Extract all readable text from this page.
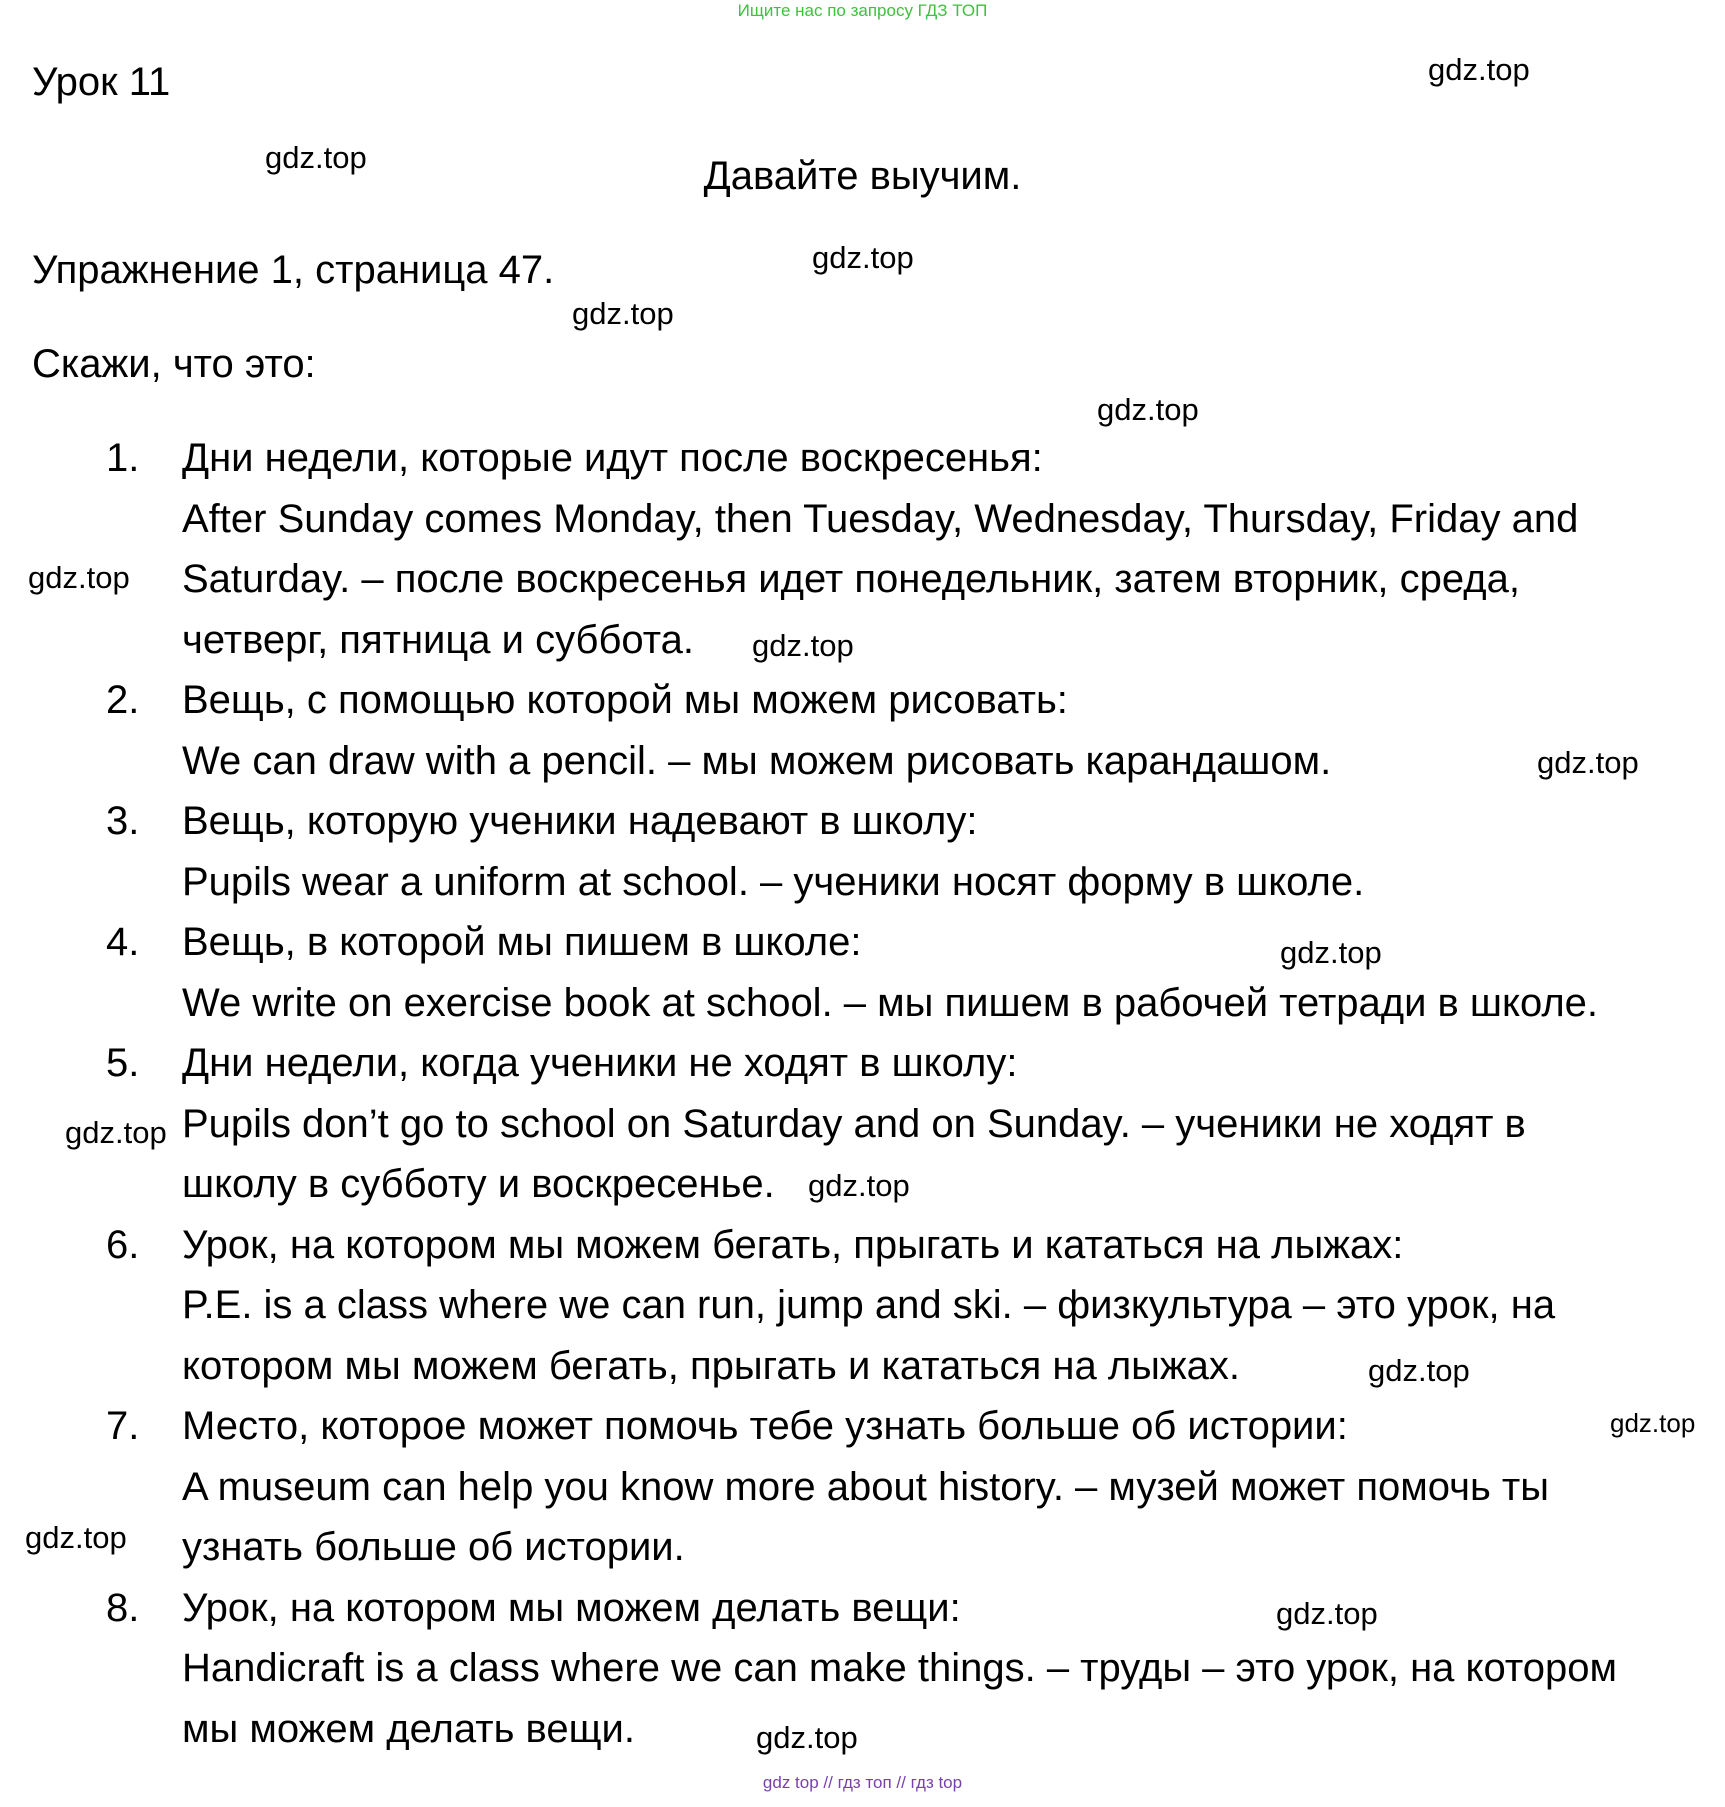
Ищите нас по запросу ГДЗ ТОП
Урок 11
Давайте выучим.
Упражнение 1, страница 47.
Скажи, что это:
1. Дни недели, которые идут после воскресенья:
After Sunday comes Monday, then Tuesday, Wednesday, Thursday, Friday and
Saturday. – после воскресенья идет понедельник, затем вторник, среда,
четверг, пятница и суббота.
2. Вещь, с помощью которой мы можем рисовать:
We can draw with a pencil. – мы можем рисовать карандашом.
3. Вещь, которую ученики надевают в школу:
Pupils wear a uniform at school. – ученики носят форму в школе.
4. Вещь, в которой мы пишем в школе:
We write on exercise book at school. – мы пишем в рабочей тетради в школе.
5. Дни недели, когда ученики не ходят в школу:
Pupils don’t go to school on Saturday and on Sunday. – ученики не ходят в
школу в субботу и воскресенье.
6. Урок, на котором мы можем бегать, прыгать и кататься на лыжах:
P.E. is a class where we can run, jump and ski. – физкультура – это урок, на
котором мы можем бегать, прыгать и кататься на лыжах.
7. Место, которое может помочь тебе узнать больше об истории:
A museum can help you know more about history. – музей может помочь ты
узнать больше об истории.
8. Урок, на котором мы можем делать вещи:
Handicraft is a class where we can make things. – труды – это урок, на котором
мы можем делать вещи.
gdz.top
gdz.top
gdz.top
gdz.top
gdz.top
gdz.top
gdz.top
gdz.top
gdz.top
gdz.top
gdz.top
gdz.top
gdz.top
gdz.top
gdz.top
gdz.top
gdz top // гдз топ // гдз top
